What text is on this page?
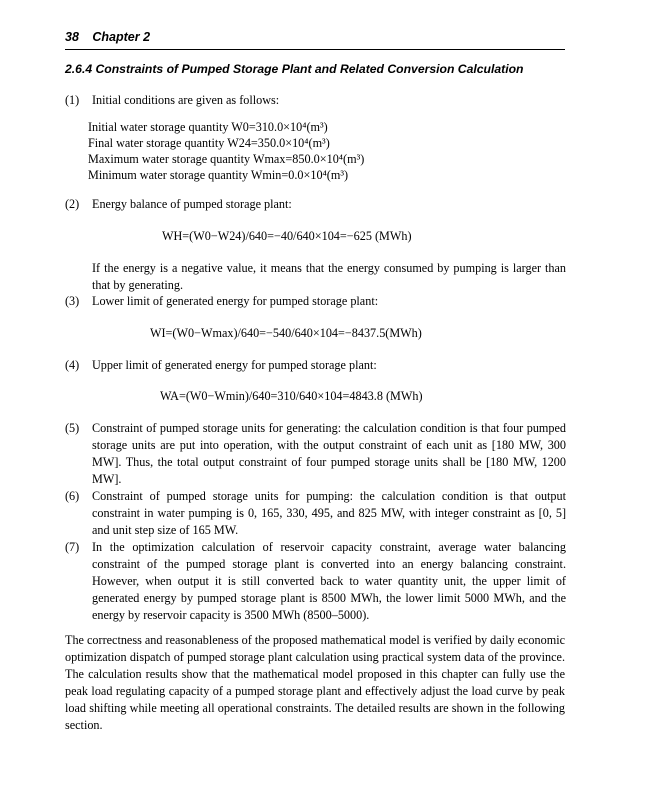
38 Chapter 2
2.6.4 Constraints of Pumped Storage Plant and Related Conversion Calculation
(1) Initial conditions are given as follows:
Initial water storage quantity W0=310.0×10⁴(m³)
Final water storage quantity W24=350.0×10⁴(m³)
Maximum water storage quantity Wmax=850.0×10⁴(m³)
Minimum water storage quantity Wmin=0.0×10⁴(m³)
(2) Energy balance of pumped storage plant:
WH=(W0−W24)/640=−40/640×104=−625 (MWh)
If the energy is a negative value, it means that the energy consumed by pumping is larger than that by generating.
(3) Lower limit of generated energy for pumped storage plant:
WI=(W0−Wmax)/640=−540/640×104=−8437.5(MWh)
(4) Upper limit of generated energy for pumped storage plant:
WA=(W0−Wmin)/640=310/640×104=4843.8 (MWh)
(5) Constraint of pumped storage units for generating: the calculation condition is that four pumped storage units are put into operation, with the output constraint of each unit as [180 MW, 300 MW]. Thus, the total output constraint of four pumped storage units shall be [180 MW, 1200 MW].
(6) Constraint of pumped storage units for pumping: the calculation condition is that output constraint in water pumping is 0, 165, 330, 495, and 825 MW, with integer constraint as [0, 5] and unit step size of 165 MW.
(7) In the optimization calculation of reservoir capacity constraint, average water balancing constraint of the pumped storage plant is converted into an energy balancing constraint. However, when output it is still converted back to water quantity unit, the upper limit of generated energy by pumped storage plant is 8500 MWh, the lower limit 5000 MWh, and the energy by reservoir capacity is 3500 MWh (8500–5000).
The correctness and reasonableness of the proposed mathematical model is verified by daily economic optimization dispatch of pumped storage plant calculation using practical system data of the province. The calculation results show that the mathematical model proposed in this chapter can fully use the peak load regulating capacity of a pumped storage plant and effectively adjust the load curve by peak load shifting while meeting all operational constraints. The detailed results are shown in the following section.
